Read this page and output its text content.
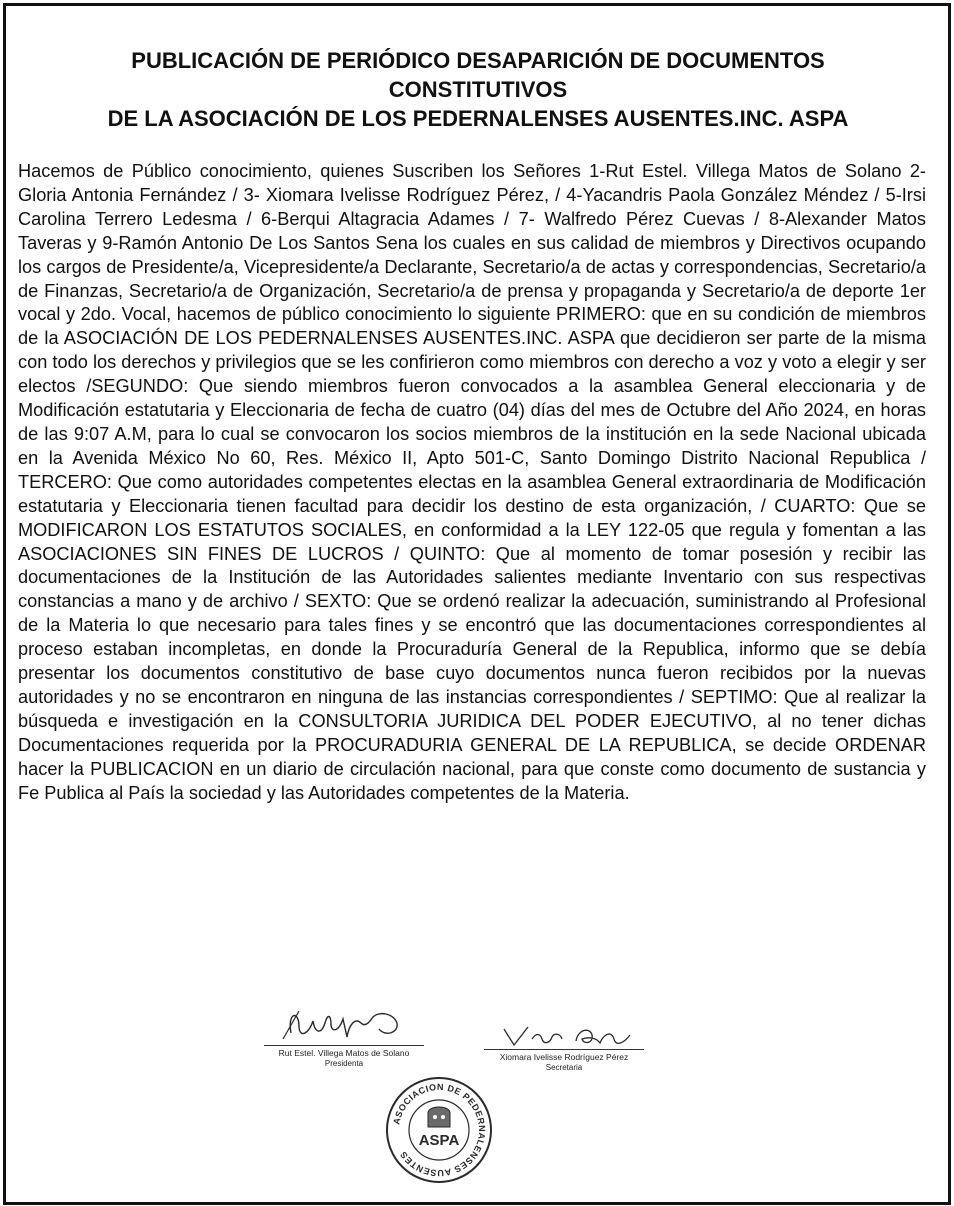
PUBLICACIÓN DE PERIÓDICO DESAPARICIÓN DE DOCUMENTOS
CONSTITUTIVOS
DE LA ASOCIACIÓN DE LOS PEDERNALENSES AUSENTES.INC. ASPA

Hacemos de Público conocimiento, quienes Suscriben los Señores 1-Rut Estel. Villega Matos de Solano 2-Gloria Antonia Fernández / 3- Xiomara Ivelisse Rodríguez Pérez, / 4-Yacandris Paola González Méndez / 5-Irsi Carolina Terrero Ledesma / 6-Berqui Altagracia Adames / 7- Walfredo Pérez Cuevas / 8-Alexander Matos Taveras y 9-Ramón Antonio De Los Santos Sena los cuales en sus calidad de miembros y Directivos ocupando los cargos de Presidente/a, Vicepresidente/a Declarante, Secretario/a de actas y correspondencias, Secretario/a de Finanzas, Secretario/a de Organización, Secretario/a de prensa y propaganda y Secretario/a de deporte 1er vocal y 2do. Vocal, hacemos de público conocimiento lo siguiente PRIMERO: que en su condición de miembros de la ASOCIACIÓN DE LOS PEDERNALENSES AUSENTES.INC. ASPA que decidieron ser parte de la misma con todo los derechos y privilegios que se les confirieron como miembros con derecho a voz y voto a elegir y ser electos /SEGUNDO: Que siendo miembros fueron convocados a la asamblea General eleccionaria y de Modificación estatutaria y Eleccionaria de fecha de cuatro (04) días del mes de Octubre del Año 2024, en horas de las 9:07 A.M, para lo cual se convocaron los socios miembros de la institución en la sede Nacional ubicada en la Avenida México No 60, Res. México II, Apto 501-C, Santo Domingo Distrito Nacional Republica / TERCERO: Que como autoridades competentes electas en la asamblea General extraordinaria de Modificación estatutaria y Eleccionaria tienen facultad para decidir los destino de esta organización, / CUARTO: Que se MODIFICARON LOS ESTATUTOS SOCIALES, en conformidad a la LEY 122-05 que regula y fomentan a las ASOCIACIONES SIN FINES DE LUCROS / QUINTO: Que al momento de tomar posesión y recibir las documentaciones de la Institución de las Autoridades salientes mediante Inventario con sus respectivas constancias a mano y de archivo / SEXTO: Que se ordenó realizar la adecuación, suministrando al Profesional de la Materia lo que necesario para tales fines y se encontró que las documentaciones correspondientes al proceso estaban incompletas, en donde la Procuraduría General de la Republica, informo que se debía presentar los documentos constitutivo de base cuyo documentos nunca fueron recibidos por la nuevas autoridades y no se encontraron en ninguna de las instancias correspondientes / SEPTIMO: Que al realizar la búsqueda e investigación en la CONSULTORIA JURIDICA DEL PODER EJECUTIVO, al no tener dichas Documentaciones requerida por la PROCURADURIA GENERAL DE LA REPUBLICA, se decide ORDENAR hacer la PUBLICACION en un diario de circulación nacional, para que conste como documento de sustancia y Fe Publica al País la sociedad y las Autoridades competentes de la Materia.

Rut Estel. Villega Matos de Solano
Presidenta
Xiomara Ivelisse Rodríguez Pérez
Secretaria
ASOCIACION DE PEDERNALENSES AUSENTES
ASPA
